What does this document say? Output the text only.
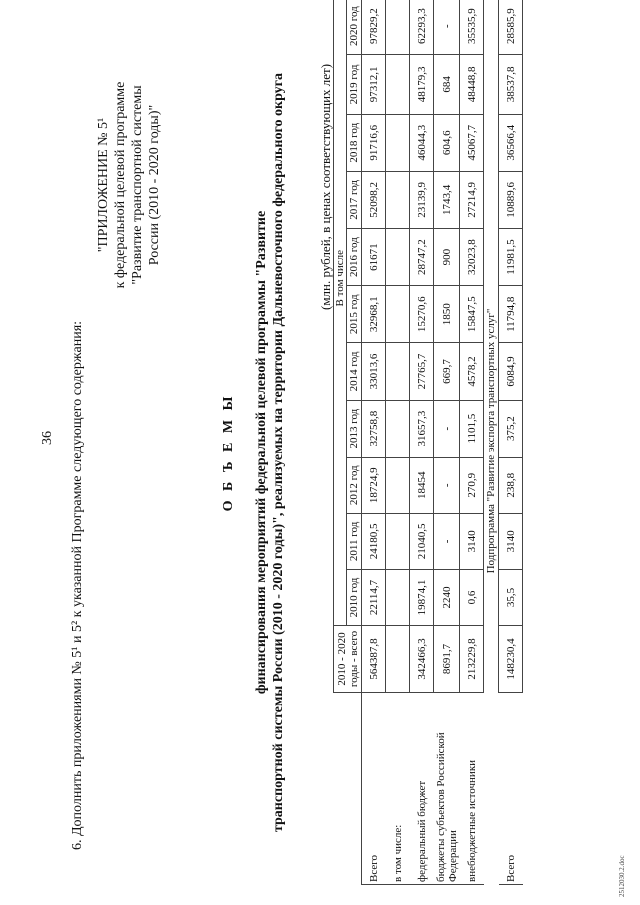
36 6. Дополнить приложениями № 5¹ и 5² к указанной Программе следующего содержания:
"ПРИЛОЖЕНИЕ № 5¹ к федеральной целевой программе "Развитие транспортной системы России (2010 - 2020 годы)"
О Б Ъ Е М Ы финансирования мероприятий федеральной целевой программы "Развитие транспортной системы России (2010 - 2020 годы)", реализуемых на территории Дальневосточного федерального округа (млн. рублей, в ценах соответствующих лет)
	2010 - 2020 годы - всего	В том числе										

		2010 год	2011 год	2012 год	2013 год	2014 год	2015 год	2016 год	2017 год	2018 год	2019 год	2020 год
Всего	564387,8	22114,7	24180,5	18724,9	32758,8	33013,6	32968,1	61671	52098,2	91716,6	97312,1	97829,2
в том числе:												
федеральный бюджет	342466,3	19874,1	21040,5	18454	31657,3	27765,7	15270,6	28747,2	23139,9	46044,3	48179,3	62293,3
бюджеты субъектов Российской Федерации	8691,7	2240	-	-	-	669,7	1850	900	1743,4	604,6	684	-
внебюджетные источники	213229,8	0,6	3140	270,9	1101,5	4578,2	15847,5	32023,8	27214,9	45067,7	48448,8	35535,9
Подпрограмма "Развитие экспорта транспортных услуг"												
Всего	148230,4	35,5	3140	238,8	375,2	6084,9	11794,8	11981,5	10889,6	36566,4	38537,8	28585,9
2512030.2.doc
